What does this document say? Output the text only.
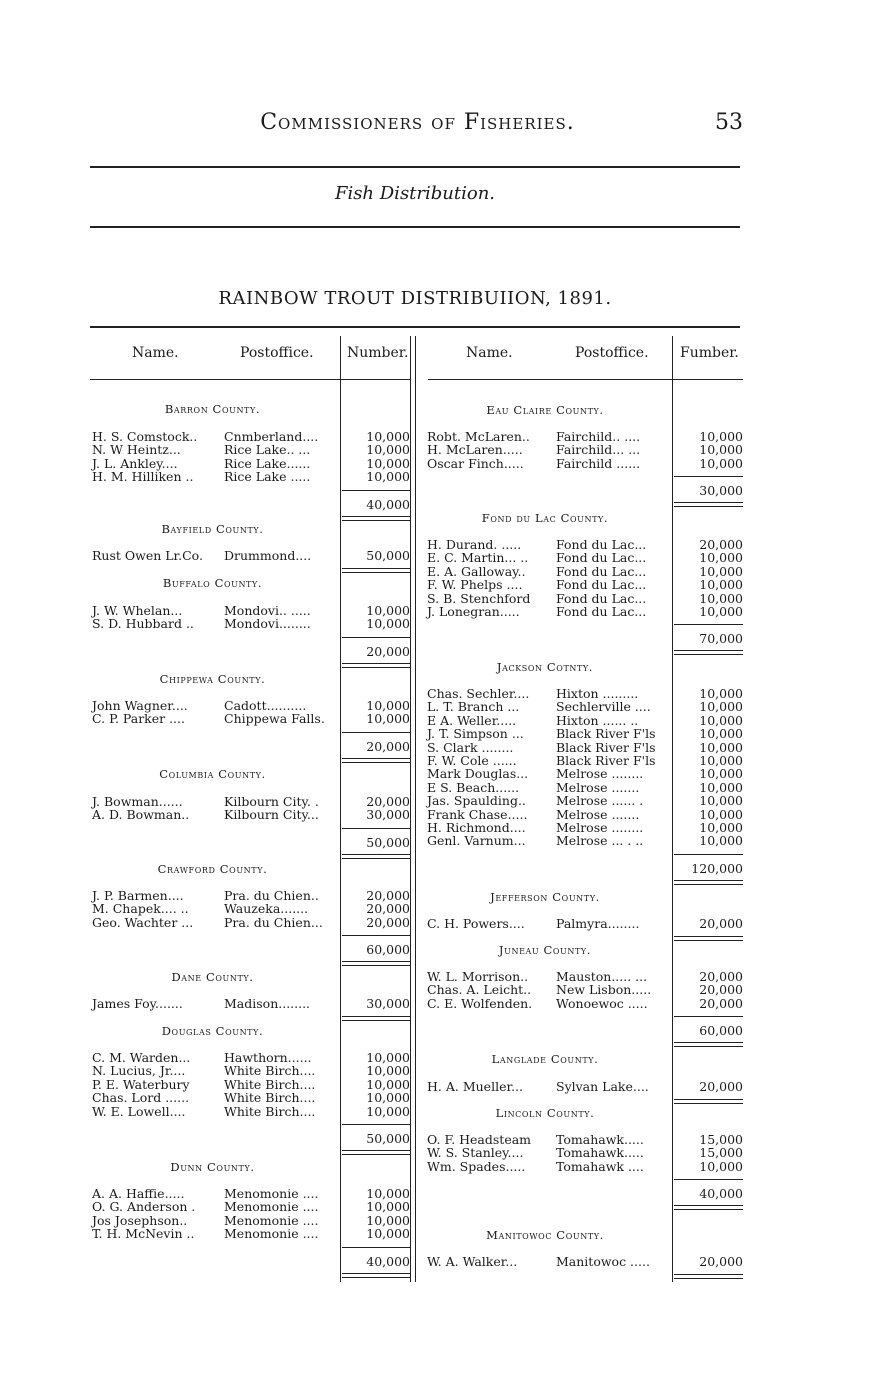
Commissioners of Fisheries.	53
Fish Distribution.
RAINBOW TROUT DISTRIBUIION, 1891.
Name.	Postoffice. Number.	Name.	Postoffice. Fumber.
Barron County.
H. S. Comstock.. Cnmberland....	10,000
N. W Heintz...	Rice Lake.. ...	10,000
J. L. Ankley....	Rice Lake......	10,000
H. M. Hilliken .. Rice Lake .....	10,000
40,000
Bayfield County.
Rust Owen Lr.Co. Drummond....	50,000
Buffalo County.
J. W. Whelan...	Mondovi.. .....	10,000
S. D. Hubbard .. Mondovi........	10,000
20,000
Chippewa County.
John Wagner....	Cadott..........	10,000
C. P. Parker ....	Chippewa Falls.	10,000
20,000
Columbia County.
J. Bowman......	Kilbourn City. .	20,000
A. D. Bowman..	Kilbourn City...	30,000
50,000
Crawford County.
J. P. Barmen....	Pra. du Chien..	20,000
M. Chapek.... ..	Wauzeka.......	20,000
Geo. Wachter ... Pra. du Chien...	20,000
60,000
Dane County.
James Foy.......	Madison........	30,000
Douglas County.
C. M. Warden...	Hawthorn......	10,000
N. Lucius, Jr....	White Birch....	10,000
P. E. Waterbury	White Birch....	10,000
Chas. Lord ......	White Birch....	10,000
W. E. Lowell....	White Birch....	10,000
50,000
Dunn County.
A. A. Haffie.....	Menomonie ....	10,000
O. G. Anderson . Menomonie ....	10,000
Jos Josephson..	Menomonie ....	10,000
T. H. McNevin .. Menomonie ....	10,000
40,000
Eau Claire County.
Robt. McLaren.. Fairchild.. ....	10,000
H. McLaren.....	Fairchild... ...	10,000
Oscar Finch.....	Fairchild ......	10,000
30,000
Fond du Lac County.
H. Durand. .....	Fond du Lac...	20,000
E. C. Martin... .. Fond du Lac...	10,000
E. A. Galloway.. Fond du Lac...	10,000
F. W. Phelps ....	Fond du Lac...	10,000
S. B. Stenchford Fond du Lac...	10,000
J. Lonegran.....	Fond du Lac...	10,000
70,000
Jackson Cotnty.
Chas. Sechler.... Hixton .........	10,000
L. T. Branch ...	Sechlerville ....	10,000
E A. Weller.....	Hixton ...... ..	10,000
J. T. Simpson ...	Black River F'ls	10,000
S. Clark ........	Black River F'ls	10,000
F. W. Cole ......	Black River F'ls	10,000
Mark Douglas... Melrose ........	10,000
E S. Beach......	Melrose .......	10,000
Jas. Spaulding.. Melrose ...... .	10,000
Frank Chase..... Melrose .......	10,000
H. Richmond.... Melrose ........	10,000
Genl. Varnum... Melrose ... . ..	10,000
120,000
Jefferson County.
C. H. Powers....	Palmyra........	20,000
Juneau County.
W. L. Morrison.. Mauston..... ...	20,000
Chas. A. Leicht.. New Lisbon.....	20,000
C. E. Wolfenden. Wonoewoc .....	20,000
60,000
Langlade County.
H. A. Mueller...	Sylvan Lake....	20,000
Lincoln County.
O. F. Headsteam Tomahawk.....	15,000
W. S. Stanley....	Tomahawk.....	15,000
Wm. Spades..... Tomahawk ....	10,000
40,000
Manitowoc County.
W. A. Walker...	Manitowoc .....	20,000
